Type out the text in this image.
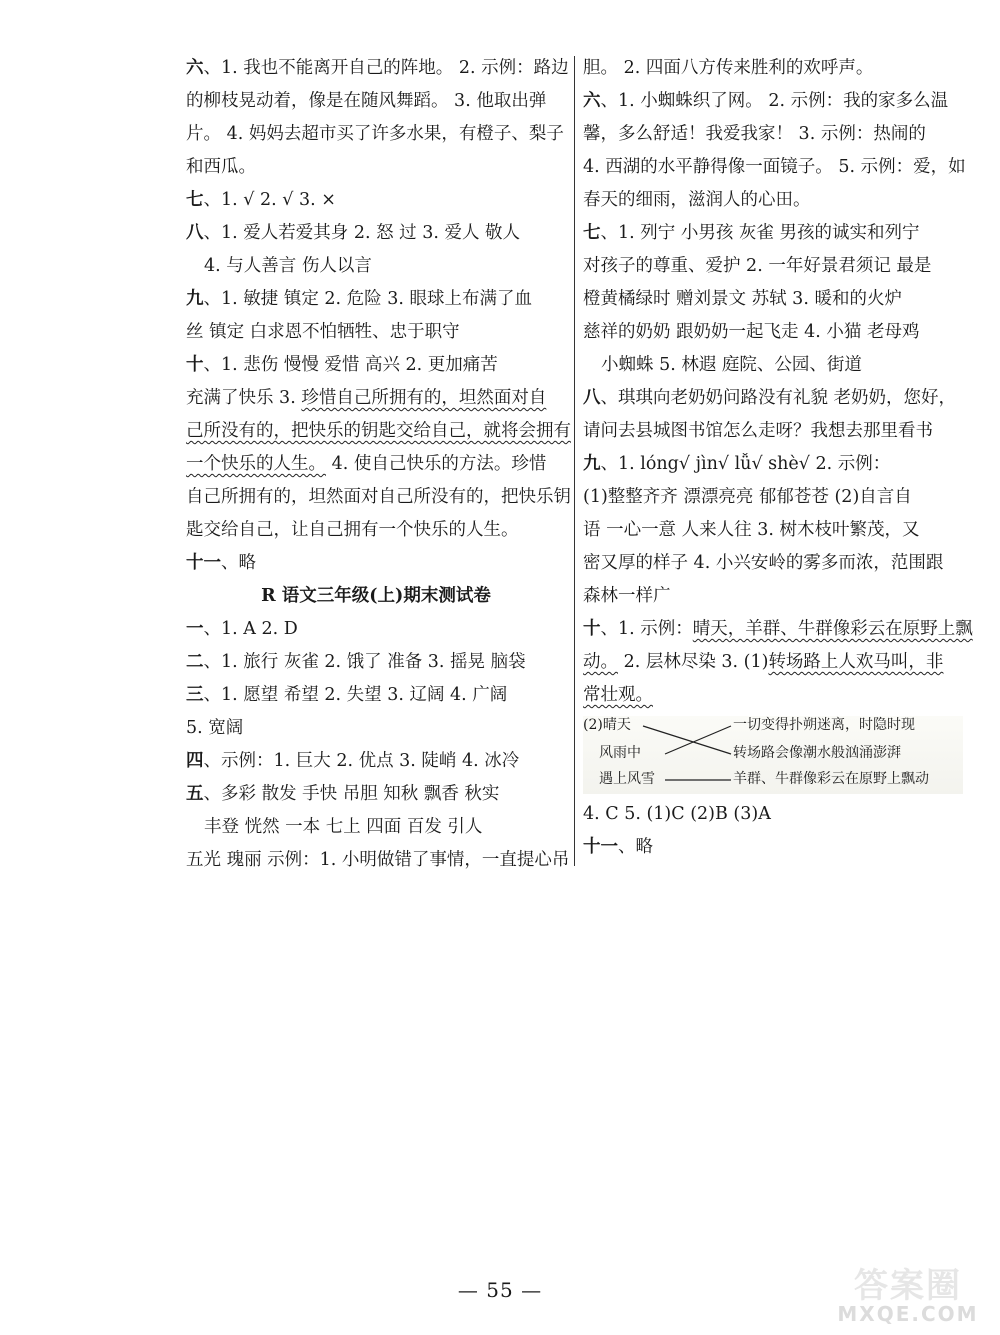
六、1. 我也不能离开自己的阵地。 2. 示例：路边
的柳枝晃动着，像是在随风舞蹈。 3. 他取出弹
片。 4. 妈妈去超市买了许多水果，有橙子、梨子
和西瓜。
七、1. √ 2. √ 3. ×
八、1. 爱人若爱其身 2. 怒 过 3. 爱人 敬人
4. 与人善言 伤人以言
九、1. 敏捷 镇定 2. 危险 3. 眼球上布满了血
丝 镇定 白求恩不怕牺牲、忠于职守
十、1. 悲伤 慢慢 爱惜 高兴 2. 更加痛苦
充满了快乐 3. 珍惜自己所拥有的，坦然面对自
己所没有的，把快乐的钥匙交给自己，就将会拥有
一个快乐的人生。 4. 使自己快乐的方法。珍惜
自己所拥有的，坦然面对自己所没有的，把快乐钥
匙交给自己，让自己拥有一个快乐的人生。
十一、略
R 语文三年级(上)期末测试卷
一、1. A 2. D
二、1. 旅行 灰雀 2. 饿了 准备 3. 摇晃 脑袋
三、1. 愿望 希望 2. 失望 3. 辽阔 4. 广阔
5. 宽阔
四、示例：1. 巨大 2. 优点 3. 陡峭 4. 冰冷
五、多彩 散发 手快 吊胆 知秋 飘香 秋实
丰登 恍然 一本 七上 四面 百发 引人
五光 瑰丽 示例：1. 小明做错了事情，一直提心吊
胆。 2. 四面八方传来胜利的欢呼声。
六、1. 小蜘蛛织了网。 2. 示例：我的家多么温
馨，多么舒适！我爱我家！ 3. 示例：热闹的
4. 西湖的水平静得像一面镜子。 5. 示例：爱，如
春天的细雨，滋润人的心田。
七、1. 列宁 小男孩 灰雀 男孩的诚实和列宁
对孩子的尊重、爱护 2. 一年好景君须记 最是
橙黄橘绿时 赠刘景文 苏轼 3. 暖和的火炉
慈祥的奶奶 跟奶奶一起飞走 4. 小猫 老母鸡
小蜘蛛 5. 林遐 庭院、公园、街道
八、琪琪向老奶奶问路没有礼貌 老奶奶，您好，
请问去县城图书馆怎么走呀？我想去那里看书
九、1. lóng√ jìn√ lǚ√ shè√ 2. 示例：
(1)整整齐齐 漂漂亮亮 郁郁苍苍 (2)自言自
语 一心一意 人来人往 3. 树木枝叶繁茂，又
密又厚的样子 4. 小兴安岭的雾多而浓，范围跟
森林一样广
十、1. 示例：晴天，羊群、牛群像彩云在原野上飘
动。 2. 层林尽染 3. (1)转场路上人欢马叫，非
常壮观。
(2)晴天
风雨中
遇上风雪
一切变得扑朔迷离，时隐时现
转场路会像潮水般汹涌澎湃
羊群、牛群像彩云在原野上飘动
4. C 5. (1)C (2)B (3)A
十一、略
— 55 —	答案圈
MXQE.COM
